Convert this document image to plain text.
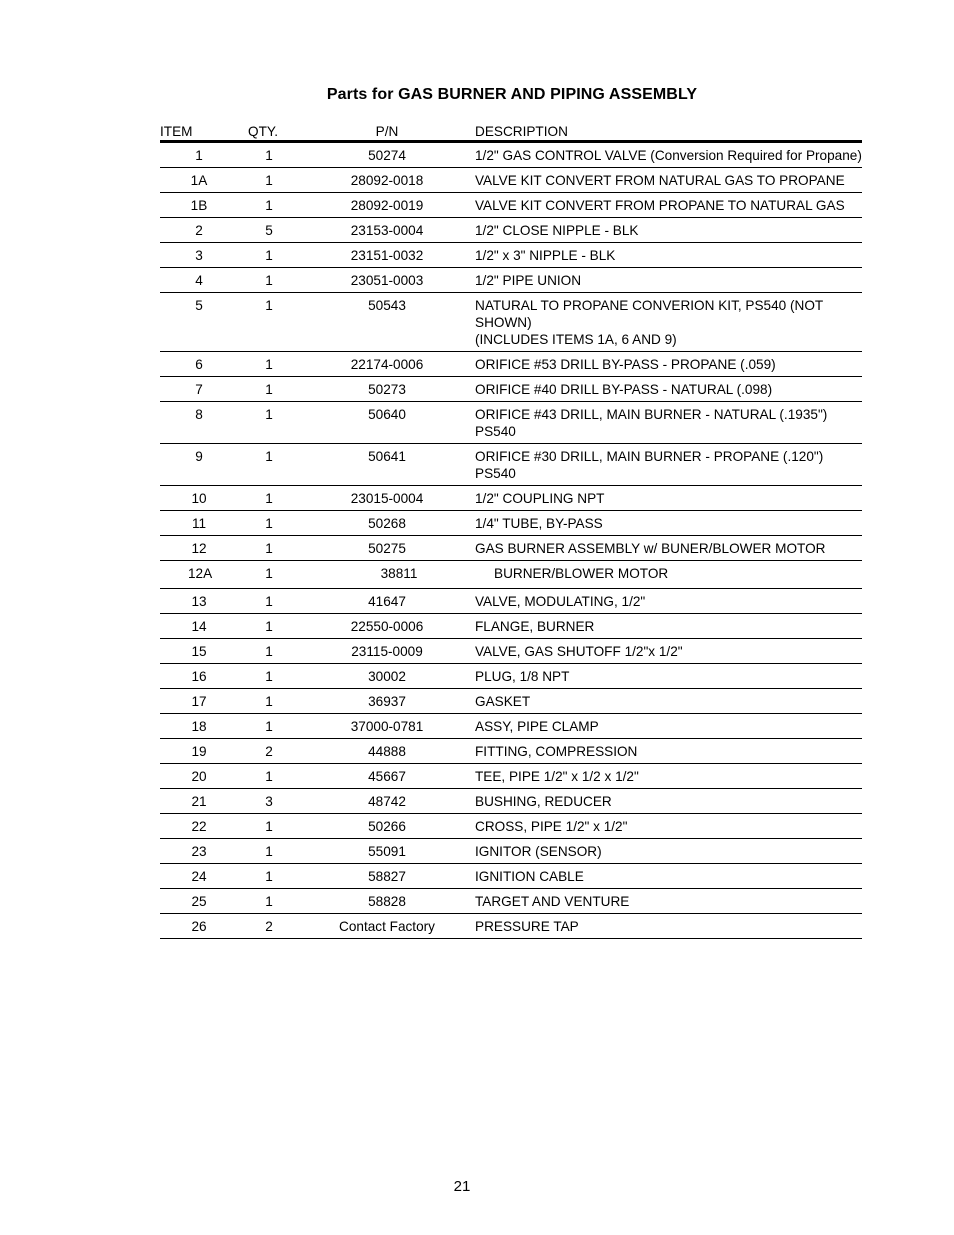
Parts for GAS BURNER AND PIPING ASSEMBLY
ITEM	QTY.	P/N	DESCRIPTION
1	1	50274	1/2" GAS CONTROL VALVE (Conversion Required for Propane)

1A	1	28092-0018	VALVE KIT CONVERT FROM NATURAL GAS TO PROPANE

1B	1	28092-0019	VALVE KIT CONVERT FROM PROPANE TO NATURAL GAS

2	5	23153-0004	1/2" CLOSE NIPPLE - BLK

3	1	23151-0032	1/2" x 3" NIPPLE - BLK

4	1	23051-0003	1/2" PIPE UNION

5	1	50543	NATURAL TO PROPANE CONVERION KIT, PS540 (NOT SHOWN)
(INCLUDES ITEMS 1A, 6 AND 9)

6	1	22174-0006	ORIFICE #53 DRILL BY-PASS - PROPANE (.059)

7	1	50273	ORIFICE #40 DRILL BY-PASS - NATURAL (.098)

8	1	50640	ORIFICE #43 DRILL, MAIN BURNER - NATURAL (.1935") PS540

9	1	50641	ORIFICE #30 DRILL, MAIN BURNER - PROPANE (.120") PS540

10	1	23015-0004	1/2" COUPLING NPT

11	1	50268	1/4" TUBE, BY-PASS

12	1	50275	GAS BURNER ASSEMBLY w/ BUNER/BLOWER MOTOR

12A	1	38811	BURNER/BLOWER MOTOR

13	1	41647	VALVE, MODULATING, 1/2"

14	1	22550-0006	FLANGE, BURNER

15	1	23115-0009	VALVE, GAS SHUTOFF 1/2"x 1/2"

16	1	30002	PLUG, 1/8 NPT

17	1	36937	GASKET

18	1	37000-0781	ASSY, PIPE CLAMP

19	2	44888	FITTING, COMPRESSION

20	1	45667	TEE, PIPE 1/2" x 1/2 x 1/2"

21	3	48742	BUSHING, REDUCER

22	1	50266	CROSS, PIPE 1/2" x 1/2"

23	1	55091	IGNITOR (SENSOR)

24	1	58827	IGNITION CABLE

25	1	58828	TARGET AND VENTURE

26	2	Contact Factory	PRESSURE TAP
21
